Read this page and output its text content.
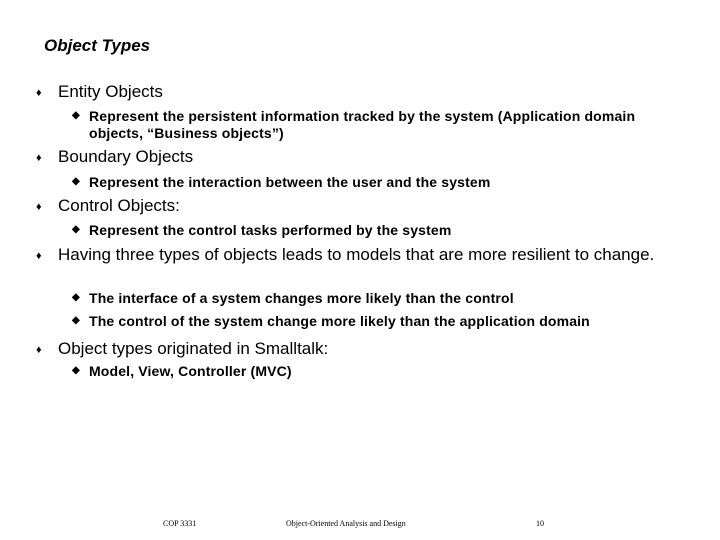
Object Types
♦ Entity Objects
◆ Represent the persistent information tracked by the system (Application domain objects, “Business objects”)
♦ Boundary Objects
◆ Represent the interaction between the user and the system
♦ Control Objects:
◆ Represent the control tasks performed by the system
♦ Having three types of objects leads to models that are more resilient to change.
◆ The interface of a system changes more likely than the control
◆ The control of the system change more likely than the application domain
♦ Object types originated in Smalltalk:
◆ Model, View, Controller (MVC)
COP 3331	Object-Oriented Analysis and Design	10
